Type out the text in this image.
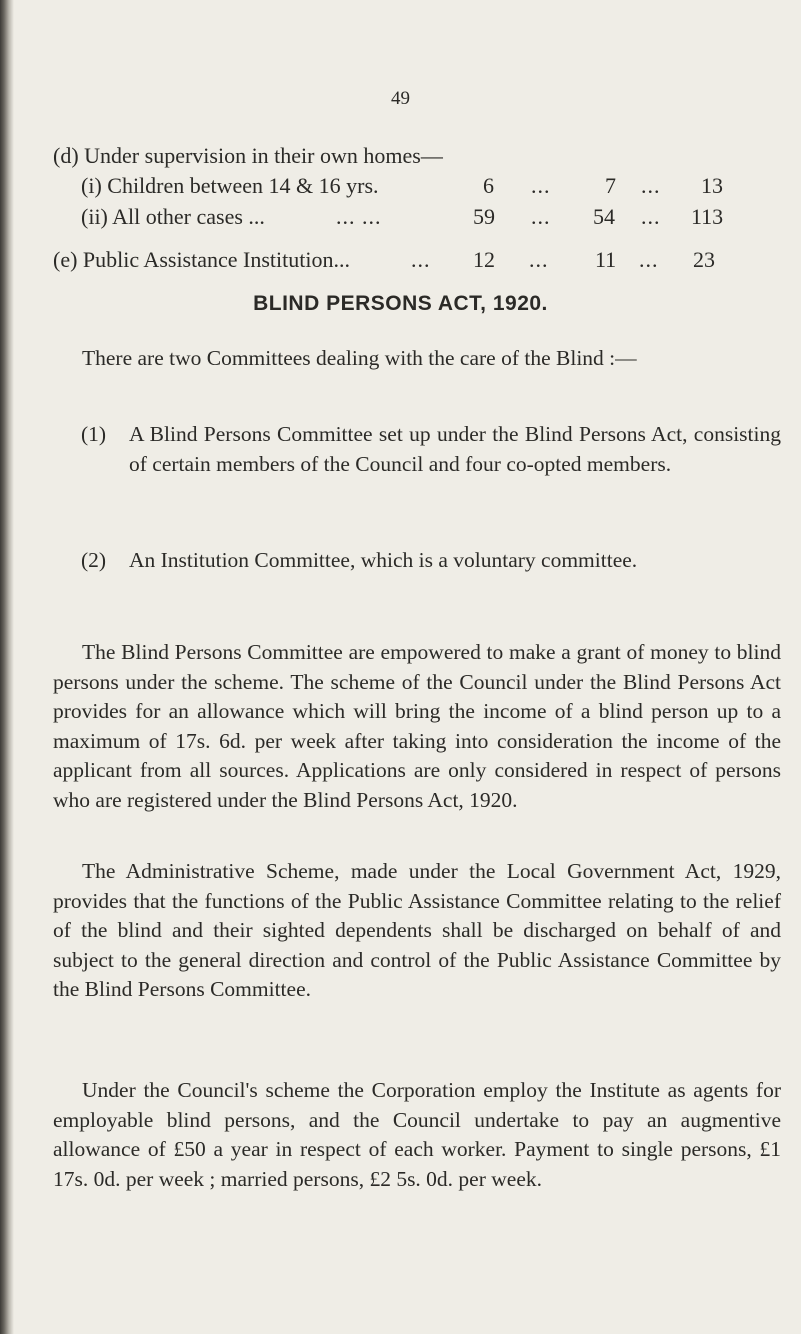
49
(d) Under supervision in their own homes—
(i) Children between 14 & 16 yrs.	6 ... 7 ... 13
(ii) All other cases ...	... ...	59 ... 54 ... 113
(e) Public Assistance Institution...	... 12 ... 11 ... 23
BLIND PERSONS ACT, 1920.
There are two Committees dealing with the care of the Blind :—
(1) A Blind Persons Committee set up under the Blind Persons Act, consisting of certain members of the Council and four co-opted members.
(2) An Institution Committee, which is a voluntary committee.
The Blind Persons Committee are empowered to make a grant of money to blind persons under the scheme. The scheme of the Council under the Blind Persons Act provides for an allowance which will bring the income of a blind person up to a maximum of 17s. 6d. per week after taking into consideration the income of the applicant from all sources. Applications are only considered in respect of persons who are registered under the Blind Persons Act, 1920.
The Administrative Scheme, made under the Local Government Act, 1929, provides that the functions of the Public Assistance Committee relating to the relief of the blind and their sighted dependents shall be discharged on behalf of and subject to the general direction and control of the Public Assistance Committee by the Blind Persons Committee.
Under the Council's scheme the Corporation employ the Institute as agents for employable blind persons, and the Council undertake to pay an augmentive allowance of £50 a year in respect of each worker. Payment to single persons, £1 17s. 0d. per week ; married persons, £2 5s. 0d. per week.
